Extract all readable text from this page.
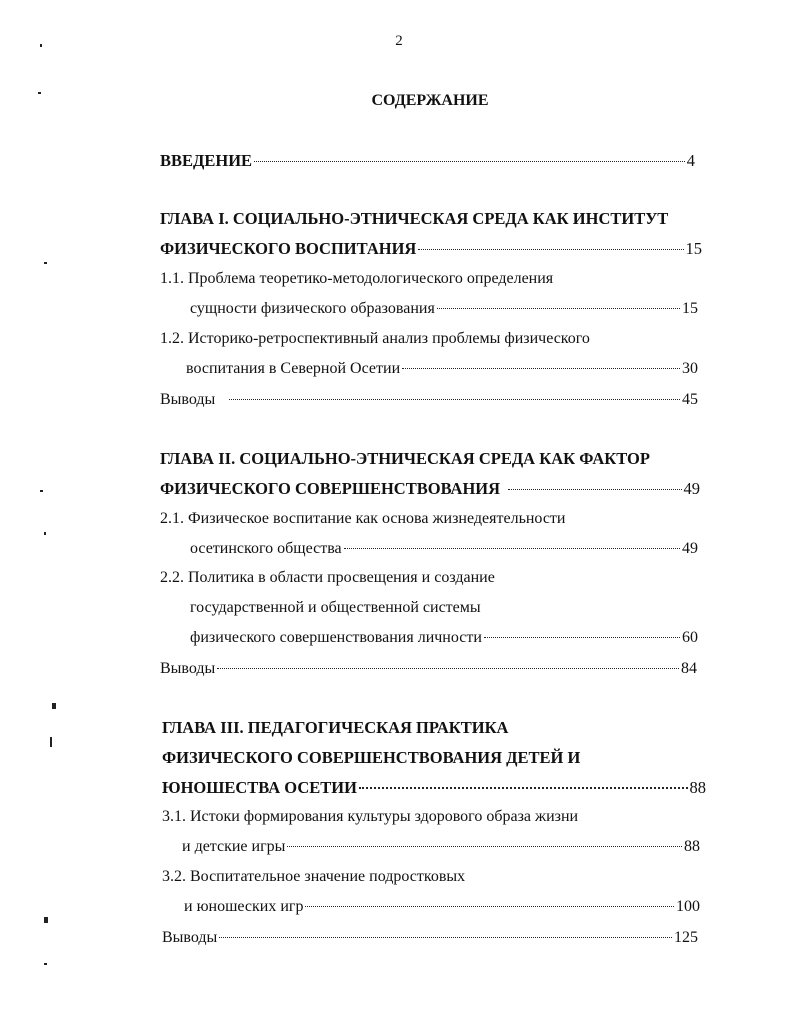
2
СОДЕРЖАНИЕ
ВВЕДЕНИЕ	4
ГЛАВА I. СОЦИАЛЬНО-ЭТНИЧЕСКАЯ СРЕДА КАК ИНСТИТУТ
ФИЗИЧЕСКОГО ВОСПИТАНИЯ	15
1.1. Проблема теоретико-методологического определения
сущности физического образования	15
1.2. Историко-ретроспективный анализ проблемы физического
воспитания в Северной Осетии	30
Выводы	45
ГЛАВА II. СОЦИАЛЬНО-ЭТНИЧЕСКАЯ СРЕДА КАК ФАКТОР
ФИЗИЧЕСКОГО СОВЕРШЕНСТВОВАНИЯ	49
2.1. Физическое воспитание как основа жизнедеятельности
осетинского общества	49
2.2. Политика в области просвещения и создание
государственной и общественной системы
физического совершенствования личности	60
Выводы	84
ГЛАВА III. ПЕДАГОГИЧЕСКАЯ ПРАКТИКА
ФИЗИЧЕСКОГО СОВЕРШЕНСТВОВАНИЯ ДЕТЕЙ И
ЮНОШЕСТВА ОСЕТИИ	88
3.1. Истоки формирования культуры здорового образа жизни
и детские игры	88
3.2. Воспитательное значение подростковых
и юношеских игр	100
Выводы	125
